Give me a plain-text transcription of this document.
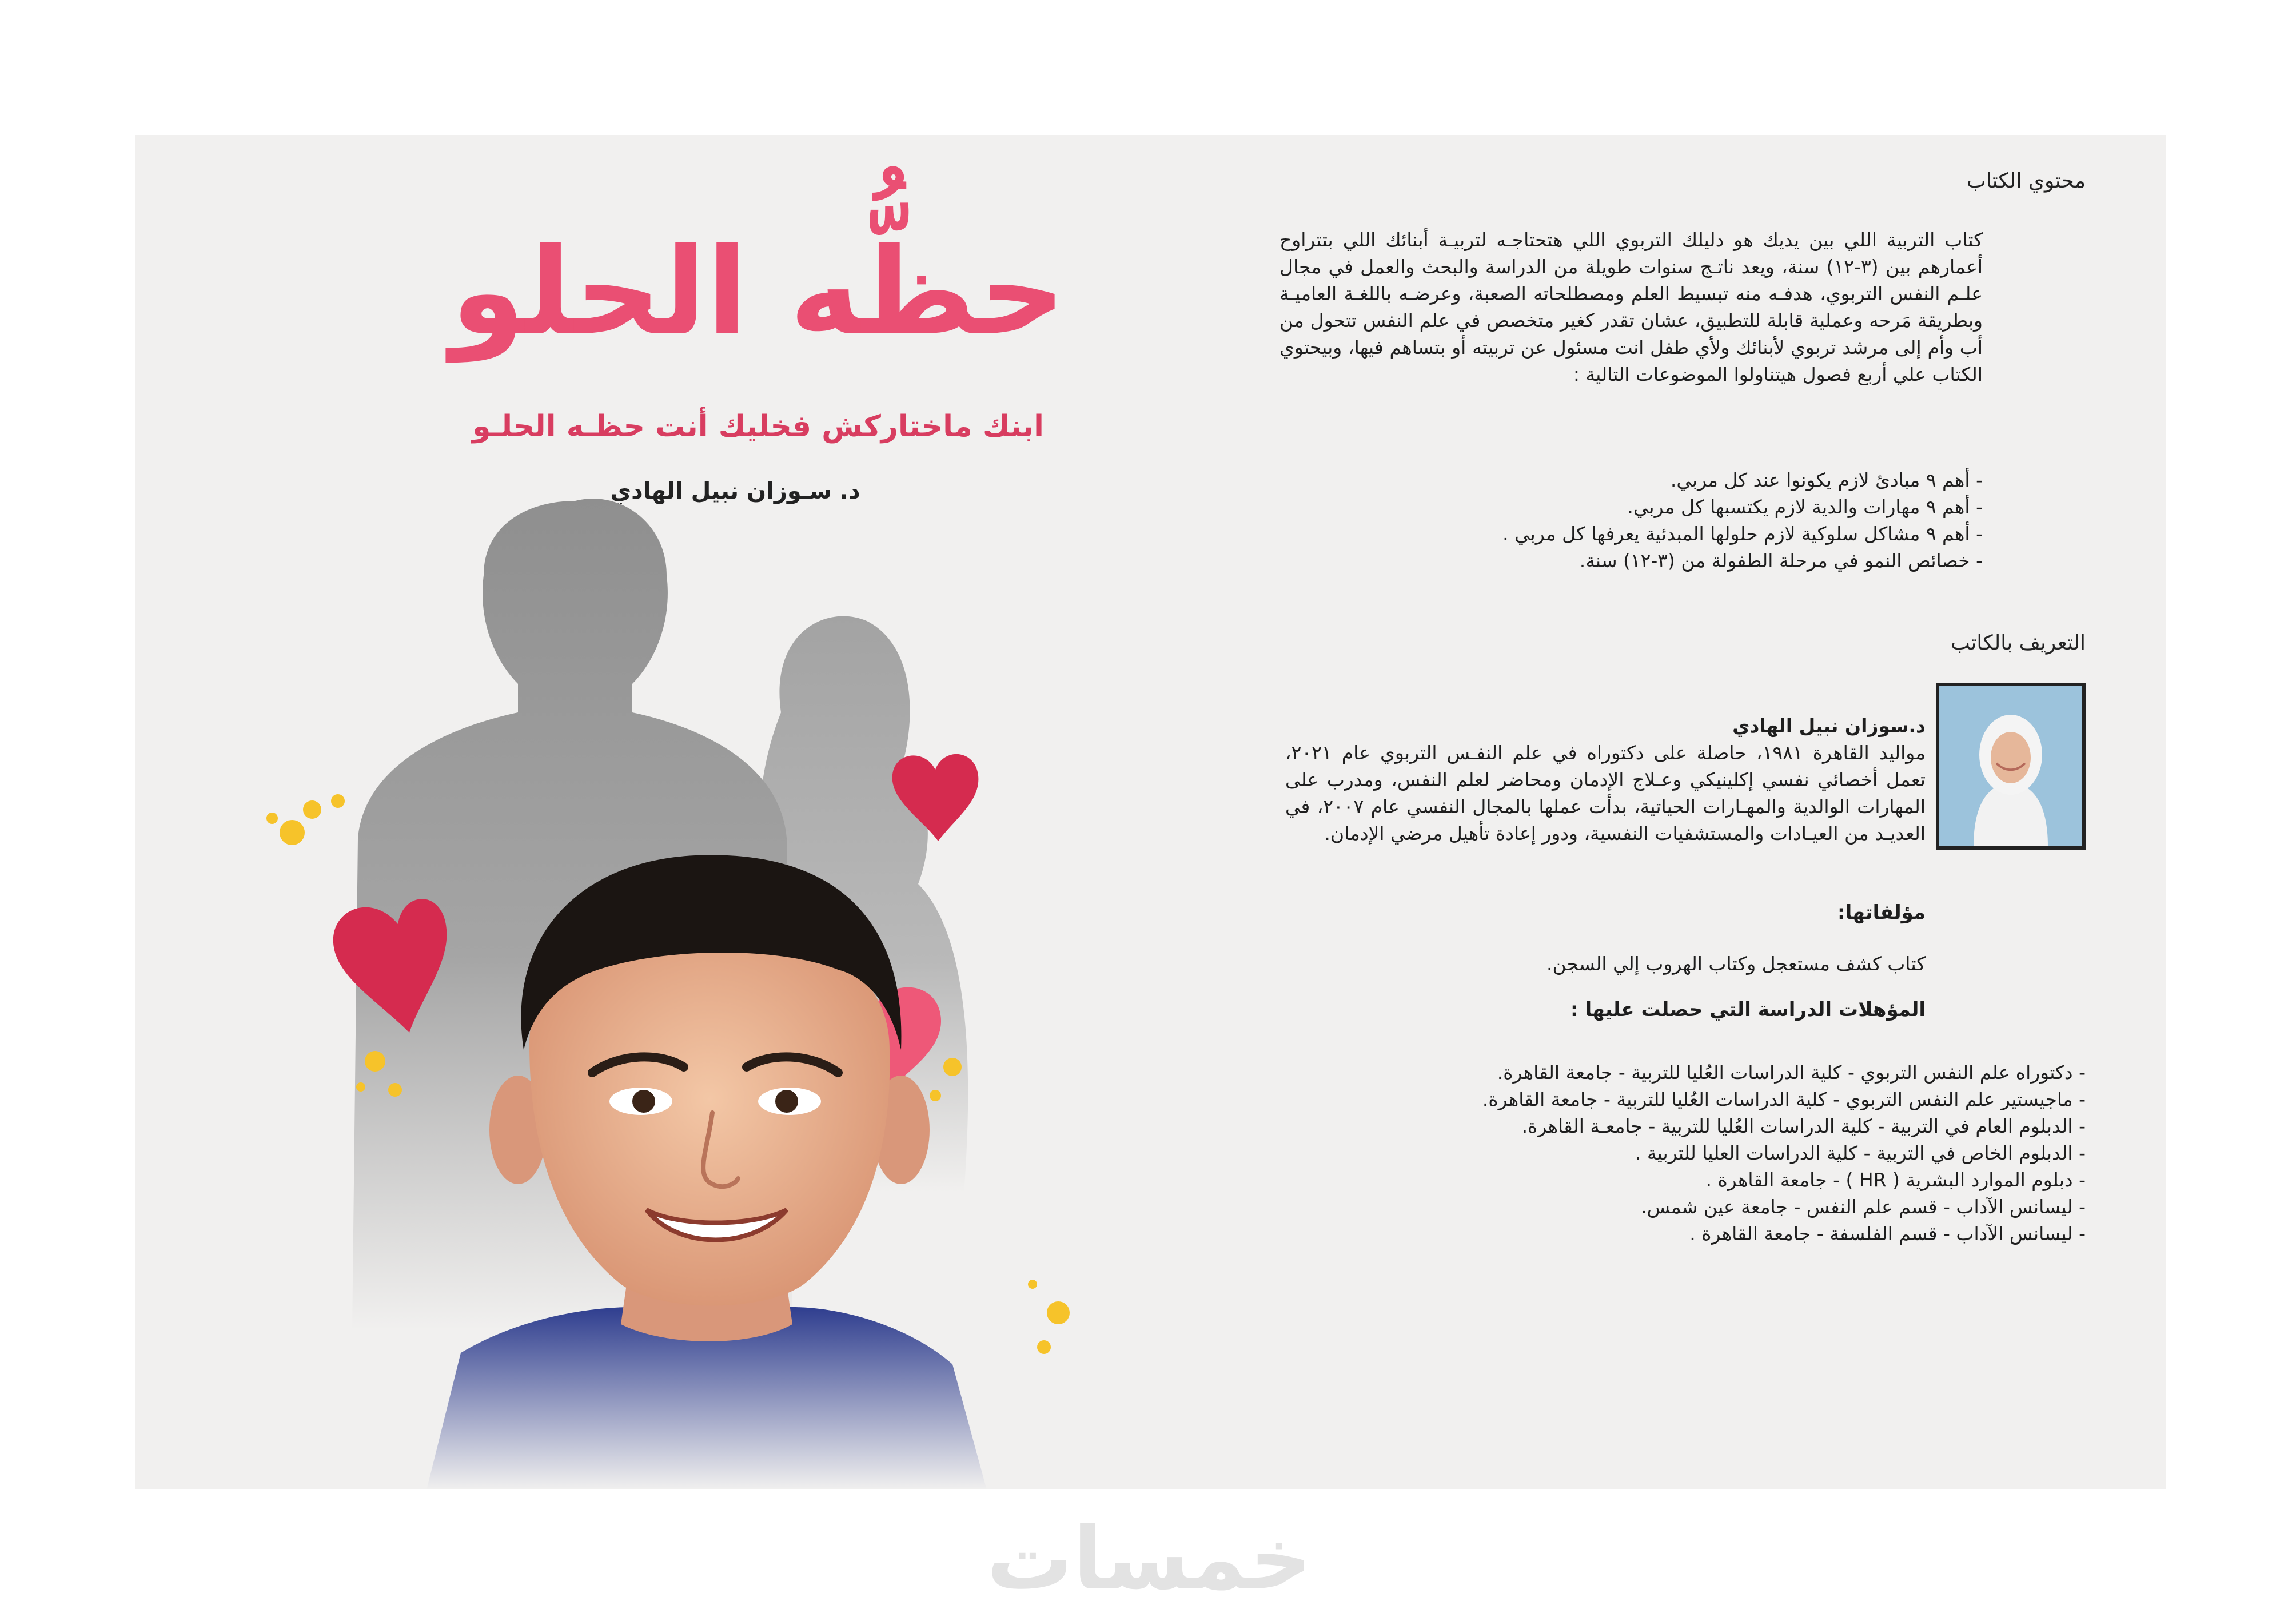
حظُّه الحلو
ابنك ماختاركش فخليك أنت حظـه الحلـو
د. سـوزان نبيل الهادي
محتوي الكتاب
كتاب التربية اللي بين يديك هو دليلك التربوي اللي هتحتاجـه لتربيـة أبنائك اللي بتتراوح أعمارهم بين (٣-١٢) سنة، ويعد ناتـج سنوات طويلة من الدراسة والبحث والعمل في مجال علـم النفس التربوي، هدفـه منه تبسيط العلم ومصطلحاته الصعبة، وعرضـه باللغـة العاميـة وبطريقة مَرحه وعملية قابلة للتطبيق، عشان تقدر كغير متخصص في علم النفس تتحول من أب وأم إلى مرشد تربوي لأبنائك ولأي طفل انت مسئول عن تربيته أو بتساهم فيها، وبيحتوي الكتاب علي أربع فصول هيتناولوا الموضوعات التالية :
- أهم ٩ مبادئ لازم يكونوا عند كل مربي.
- أهم ٩ مهارات والدية لازم يكتسبها كل مربي.
- أهم ٩ مشاكل سلوكية لازم حلولها المبدئية يعرفها كل مربي .
- خصائص النمو في مرحلة الطفولة من (٣-١٢) سنة.
التعريف بالكاتب
د.سوزان نبيل الهادي
مواليد القاهرة ١٩٨١، حاصلة على دكتوراه في علم النفـس التربوي عام ٢٠٢١، تعمل أخصائي نفسي إكلينيكي وعـلاج الإدمان ومحاضر لعلم النفس، ومدرب على المهارات الوالدية والمهـارات الحياتية، بدأت عملها بالمجال النفسي عام ٢٠٠٧، في العديـد من العيـادات والمستشفيات النفسية، ودور إعادة تأهيل مرضي الإدمان.
مؤلفاتها:
كتاب كشف مستعجل وكتاب الهروب إلي السجن.
المؤهلات الدراسة التي حصلت عليها :
- دكتوراه علم النفس التربوي - كلية الدراسات العُليا للتربية - جامعة القاهرة.
- ماجيستير علم النفس التربوي - كلية الدراسات العُليا للتربية - جامعة القاهرة.
- الدبلوم العام في التربية - كلية الدراسات العُليا للتربية - جامعـة القاهرة.
- الدبلوم الخاص في التربية - كلية الدراسات العليا للتربية .
- دبلوم الموارد البشرية ( HR ) - جامعة القاهرة .
- ليسانس الآداب - قسم علم النفس - جامعة عين شمس.
- ليسانس الآداب - قسم الفلسفة - جامعة القاهرة .
خمسات
